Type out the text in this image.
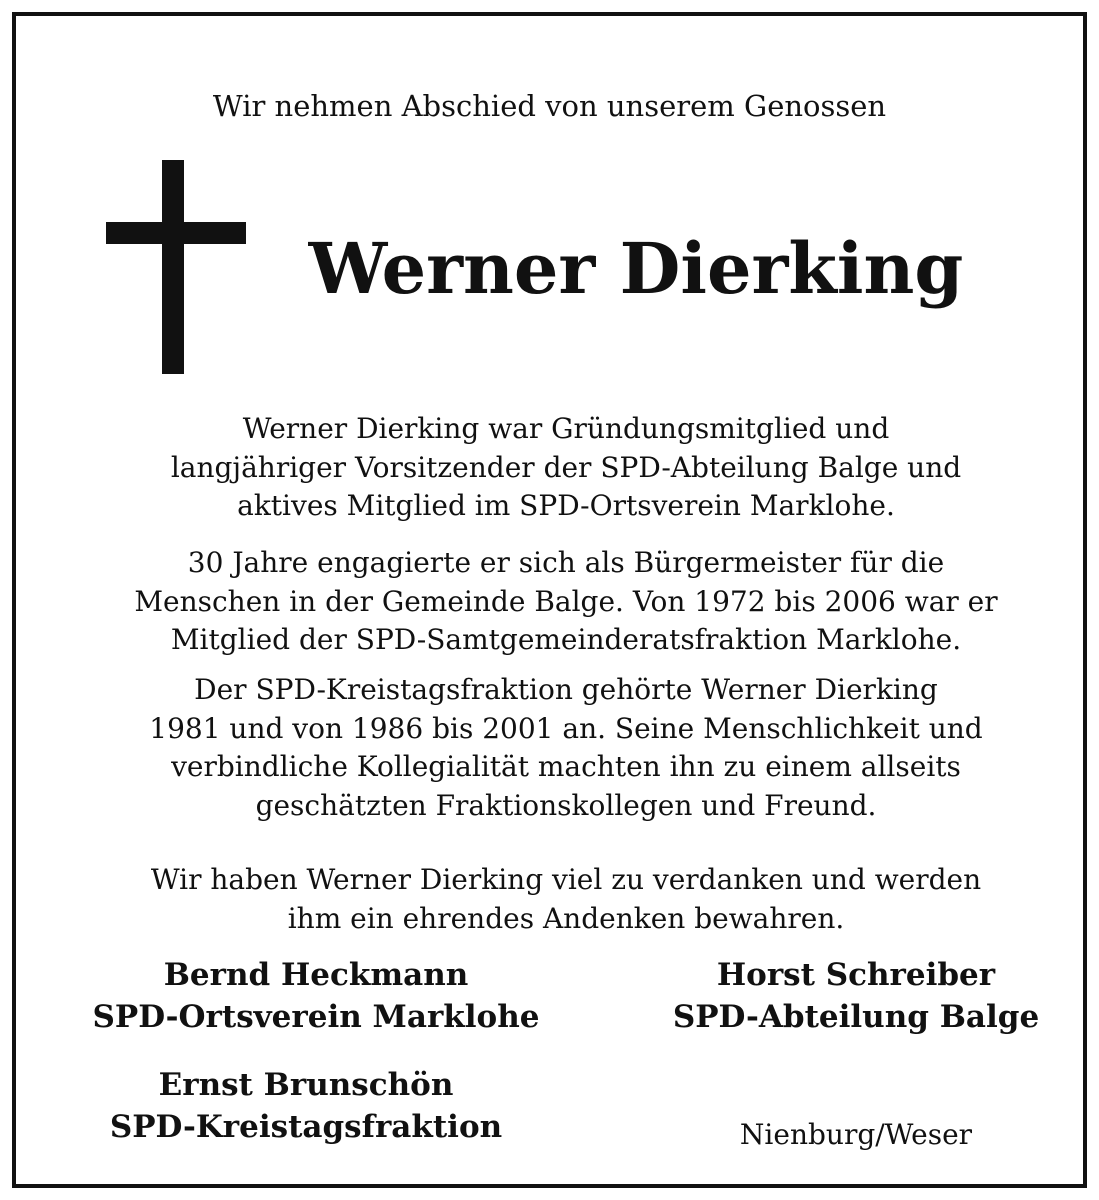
Wir nehmen Abschied von unserem Genossen
Werner Dierking
Werner Dierking war Gründungsmitglied und
langjähriger Vorsitzender der SPD-Abteilung Balge und
aktives Mitglied im SPD-Ortsverein Marklohe.
30 Jahre engagierte er sich als Bürgermeister für die
Menschen in der Gemeinde Balge. Von 1972 bis 2006 war er
Mitglied der SPD-Samtgemeinderatsfraktion Marklohe.
Der SPD-Kreistagsfraktion gehörte Werner Dierking
1981 und von 1986 bis 2001 an. Seine Menschlichkeit und
verbindliche Kollegialität machten ihn zu einem allseits
geschätzten Fraktionskollegen und Freund.
Wir haben Werner Dierking viel zu verdanken und werden
ihm ein ehrendes Andenken bewahren.
Bernd Heckmann
SPD-Ortsverein Marklohe
Horst Schreiber
SPD-Abteilung Balge
Ernst Brunschön
SPD-Kreistagsfraktion	Nienburg/Weser
